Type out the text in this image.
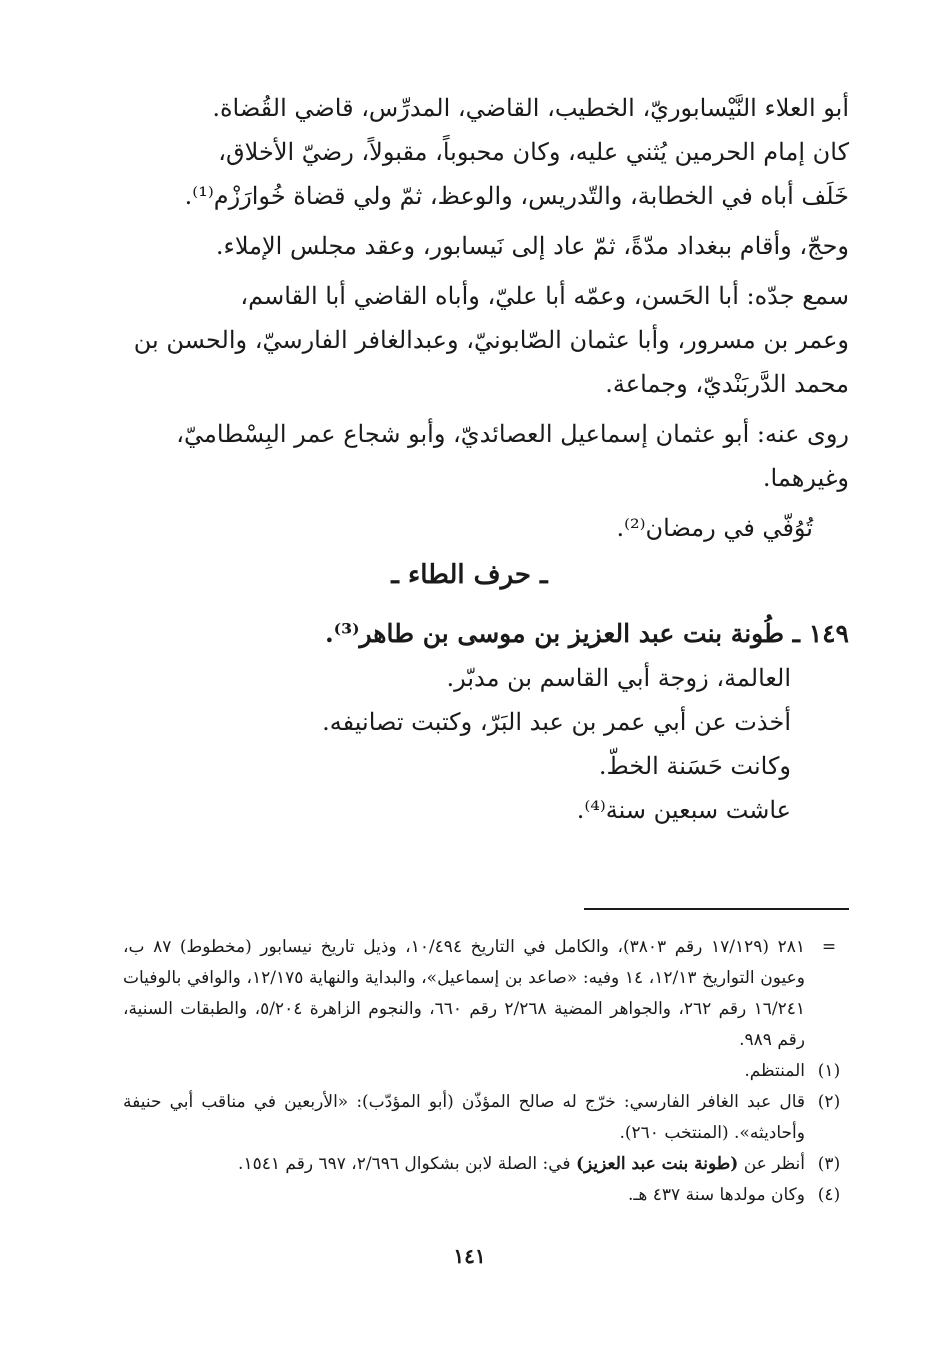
أبو العلاء النَّيْسابوريّ، الخطيب، القاضي، المدرِّس، قاضي القُضاة.
كان إمام الحرمين يُثني عليه، وكان محبوباً، مقبولاً، رضيّ الأخلاق،
خَلَف أباه في الخطابة، والتّدريس، والوعظ، ثمّ ولي قضاة خُوارَزْم⁽¹⁾.

وحجّ، وأقام ببغداد مدّةً، ثمّ عاد إلى نَيسابور، وعقد مجلس الإملاء.

سمع جدّه: أبا الحَسن، وعمّه أبا عليّ، وأباه القاضي أبا القاسم،
وعمر بن مسرور، وأبا عثمان الصّابونيّ، وعبدالغافر الفارسيّ، والحسن بن
محمد الدَّربَنْديّ، وجماعة.

روى عنه: أبو عثمان إسماعيل العصائديّ، وأبو شجاع عمر البِسْطاميّ،
وغيرهما.

تُوُفّي في رمضان⁽²⁾.

ـ حرف الطاء ـ
١٤٩ ـ طُونة بنت عبد العزيز بن موسى بن طاهر⁽³⁾.
العالمة، زوجة أبي القاسم بن مدبّر.
أخذت عن أبي عمر بن عبد البَرّ، وكتبت تصانيفه.
وكانت حَسَنة الخطّ.
عاشت سبعين سنة⁽⁴⁾.
=
٢٨١ (١٧/١٢٩ رقم ٣٨٠٣)، والكامل في التاريخ ١٠/٤٩٤، وذيل تاريخ نيسابور (مخطوط) ٨٧ ب، وعيون التواريخ ١٢/١٣، ١٤ وفيه: «صاعد بن إسماعيل»، والبداية والنهاية ١٢/١٧٥، والوافي بالوفيات ١٦/٢٤١ رقم ٢٦٢، والجواهر المضية ٢/٢٦٨ رقم ٦٦٠، والنجوم الزاهرة ٥/٢٠٤، والطبقات السنية، رقم ٩٨٩.
(١)
المنتظم.
(٢)
قال عبد الغافر الفارسي: خرّج له صالح المؤذّن (أبو المؤدّب): «الأربعين في مناقب أبي حنيفة وأحاديثه». (المنتخب ٢٦٠).
(٣)
أنظر عن (طونة بنت عبد العزيز) في: الصلة لابن بشكوال ٢/٦٩٦، ٦٩٧ رقم ١٥٤١.
(٤)
وكان مولدها سنة ٤٣٧ هـ.
١٤١
